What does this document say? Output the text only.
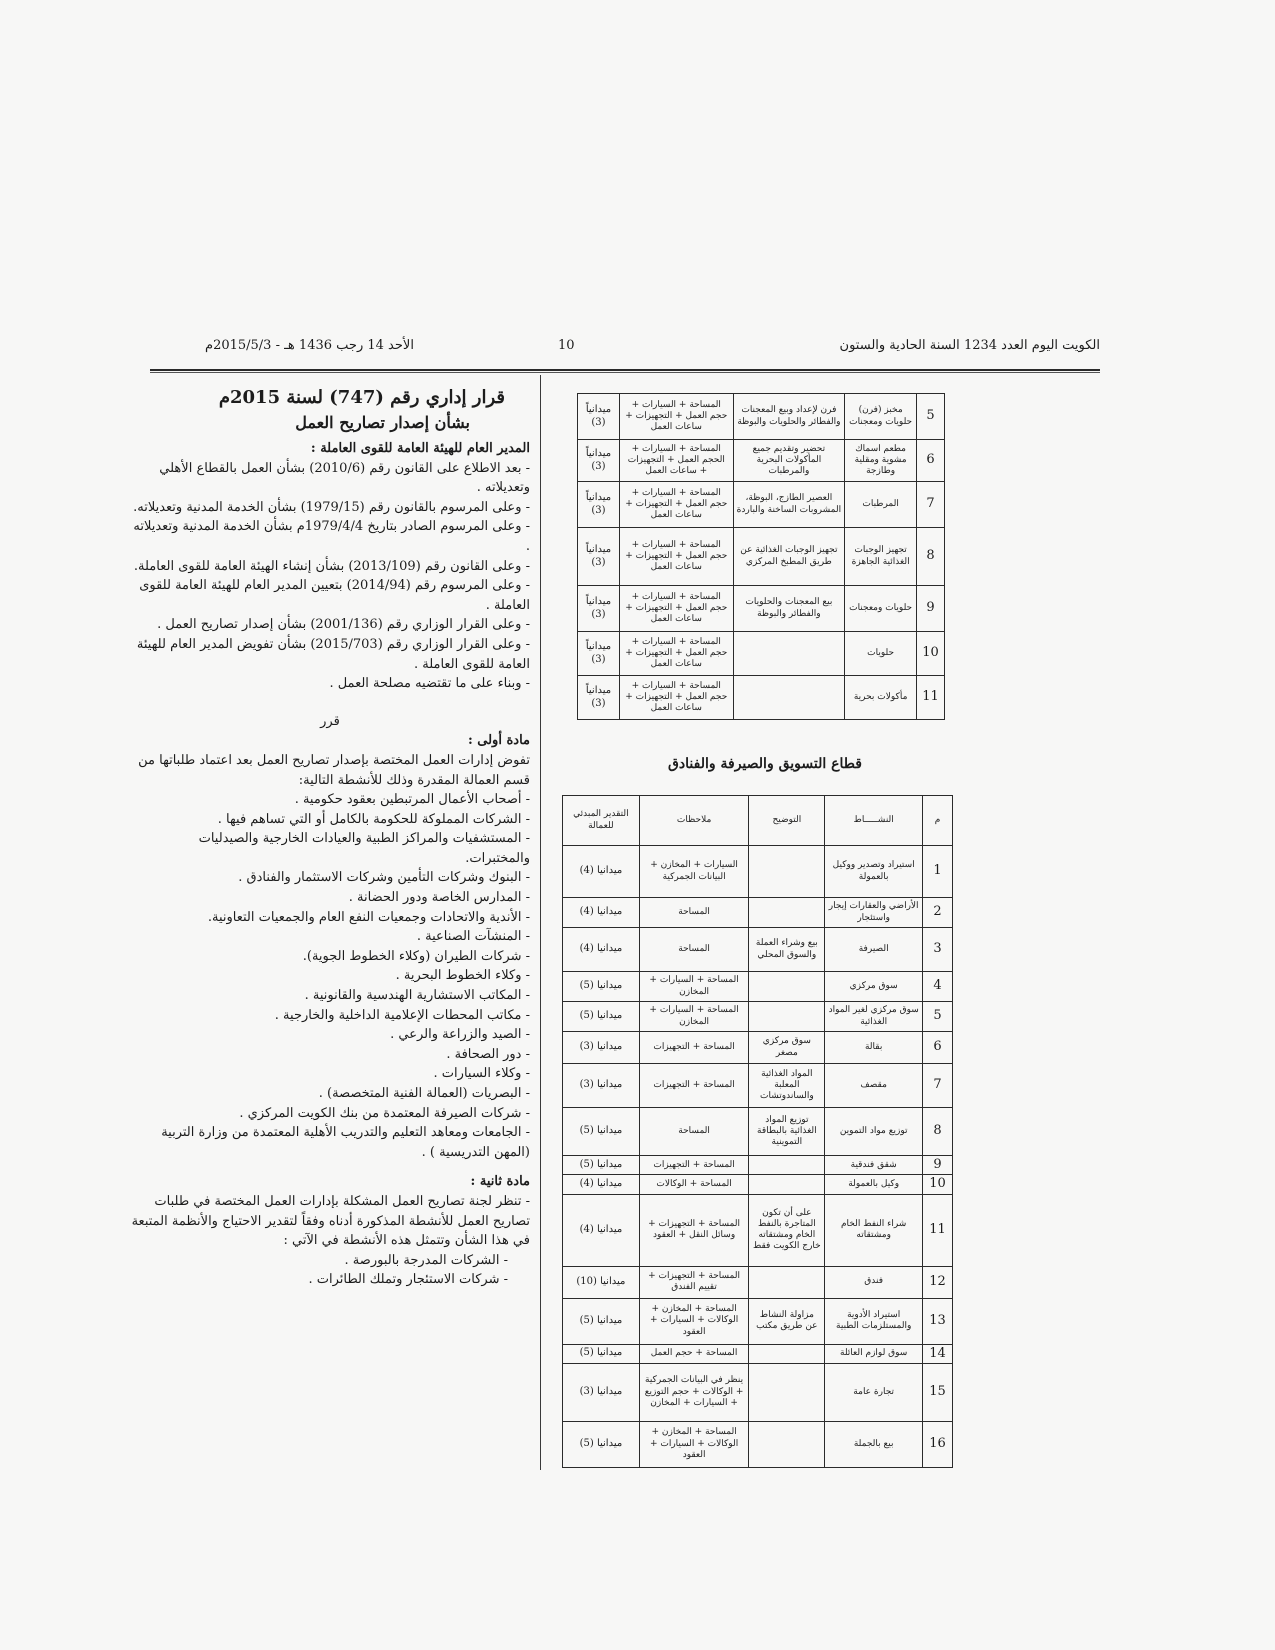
الكويت اليوم العدد 1234 السنة الحادية والستون
10
الأحد 14 رجب 1436 هـ - 2015/5/3م
5	مخبز (فرن) حلويات ومعجنات	فرن لإعداد وبيع المعجنات والفطائر والحلويات والبوظة	المساحة + السيارات + حجم العمل + التجهيزات + ساعات العمل	ميدانياً (3)
6	مطعم اسماك مشوية ومقلية وطازجة	تحضير وتقديم جميع المأكولات البحرية والمرطبات	المساحة + السيارات + الحجم العمل + التجهيزات + ساعات العمل	ميدانياً (3)
7	المرطبات	العصير الطازج، البوظة، المشروبات الساخنة والباردة	المساحة + السيارات + حجم العمل + التجهيزات + ساعات العمل	ميدانياً (3)
8	تجهيز الوجبات الغذائية الجاهزة	تجهيز الوجبات الغذائية عن طريق المطبخ المركزي	المساحة + السيارات + حجم العمل + التجهيزات + ساعات العمل	ميدانياً (3)
9	حلويات ومعجنات	بيع المعجنات والحلويات والفطائر والبوظة	المساحة + السيارات + حجم العمل + التجهيزات + ساعات العمل	ميدانياً (3)
10	حلويات		المساحة + السيارات + حجم العمل + التجهيزات + ساعات العمل	ميدانياً (3)
11	مأكولات بحرية		المساحة + السيارات + حجم العمل + التجهيزات + ساعات العمل	ميدانياً (3)
قطاع التسويق والصيرفة والفنادق
م	النشـــــاط	التوضيح	ملاحظات	التقدير المبدئي للعمالة
1	استيراد وتصدير ووكيل بالعمولة		السيارات + المخازن + البيانات الجمركية	ميدانيا (4)
2	الأراضي والعقارات إيجار واستئجار		المساحة	ميدانيا (4)
3	الصيرفة	بيع وشراء العملة والسوق المحلي	المساحة	ميدانيا (4)
4	سوق مركزي		المساحة + السيارات + المخازن	ميدانيا (5)
5	سوق مركزي لغير المواد الغذائية		المساحة + السيارات + المخازن	ميدانيا (5)
6	بقالة	سوق مركزي مصغر	المساحة + التجهيزات	ميدانيا (3)
7	مقصف	المواد الغذائية المعلبة والساندوتشات	المساحة + التجهيزات	ميدانيا (3)
8	توزيع مواد التموين	توزيع المواد الغذائية بالبطاقة التموينية	المساحة	ميدانيا (5)
9	شقق فندقية		المساحة + التجهيزات	ميدانيا (5)
10	وكيل بالعمولة		المساحة + الوكالات	ميدانيا (4)
11	شراء النفط الخام ومشتقاته	على أن تكون المتاجرة بالنفط الخام ومشتقاته خارج الكويت فقط	المساحة + التجهيزات + وسائل النقل + العقود	ميدانيا (4)
12	فندق		المساحة + التجهيزات + تقييم الفندق	ميدانيا (10)
13	استيراد الأدوية والمستلزمات الطبية	مزاولة النشاط عن طريق مكتب	المساحة + المخازن + الوكالات + السيارات + العقود	ميدانيا (5)
14	سوق لوازم العائلة		المساحة + حجم العمل	ميدانيا (5)
15	تجارة عامة		ينظر في البيانات الجمركية + الوكالات + حجم التوزيع + السيارات + المخازن	ميدانيا (3)
16	بيع بالجملة		المساحة + المخازن + الوكالات + السيارات + العقود	ميدانيا (5)
قرار إداري رقم (747) لسنة 2015م
بشأن إصدار تصاريح العمل

المدير العام للهيئة العامة للقوى العاملة :

- بعد الاطلاع على القانون رقم (2010/6) بشأن العمل بالقطاع الأهلي وتعديلاته .

- وعلى المرسوم بالقانون رقم (1979/15) بشأن الخدمة المدنية وتعديلاته.

- وعلى المرسوم الصادر بتاريخ 1979/4/4م بشأن الخدمة المدنية وتعديلاته .

- وعلى القانون رقم (2013/109) بشأن إنشاء الهيئة العامة للقوى العاملة.

- وعلى المرسوم رقم (2014/94) بتعيين المدير العام للهيئة العامة للقوى العاملة .

- وعلى القرار الوزاري رقم (2001/136) بشأن إصدار تصاريح العمل .

- وعلى القرار الوزاري رقم (2015/703) بشأن تفويض المدير العام للهيئة العامة للقوى العاملة .

- وبناء على ما تقتضيه مصلحة العمل .

قرر

مادة أولى :

تفوض إدارات العمل المختصة بإصدار تصاريح العمل بعد اعتماد طلباتها من قسم العمالة المقدرة وذلك للأنشطة التالية:

- أصحاب الأعمال المرتبطين بعقود حكومية .

- الشركات المملوكة للحكومة بالكامل أو التي تساهم فيها .

- المستشفيات والمراكز الطبية والعيادات الخارجية والصيدليات والمختبرات.

- البنوك وشركات التأمين وشركات الاستثمار والفنادق .

- المدارس الخاصة ودور الحضانة .

- الأندية والاتحادات وجمعيات النفع العام والجمعيات التعاونية.

- المنشآت الصناعية .

- شركات الطيران (وكلاء الخطوط الجوية).

- وكلاء الخطوط البحرية .

- المكاتب الاستشارية الهندسية والقانونية .

- مكاتب المحطات الإعلامية الداخلية والخارجية .

- الصيد والزراعة والرعي .

- دور الصحافة .

- وكلاء السيارات .

- البصريات (العمالة الفنية المتخصصة) .

- شركات الصيرفة المعتمدة من بنك الكويت المركزي .

- الجامعات ومعاهد التعليم والتدريب الأهلية المعتمدة من وزارة التربية (المهن التدريسية ) .

مادة ثانية :

- تنظر لجنة تصاريح العمل المشكلة بإدارات العمل المختصة في طلبات تصاريح العمل للأنشطة المذكورة أدناه وفقاً لتقدير الاحتياج والأنظمة المتبعة في هذا الشأن وتتمثل هذه الأنشطة في الآتي :

- الشركات المدرجة بالبورصة .

- شركات الاستئجار وتملك الطائرات .
